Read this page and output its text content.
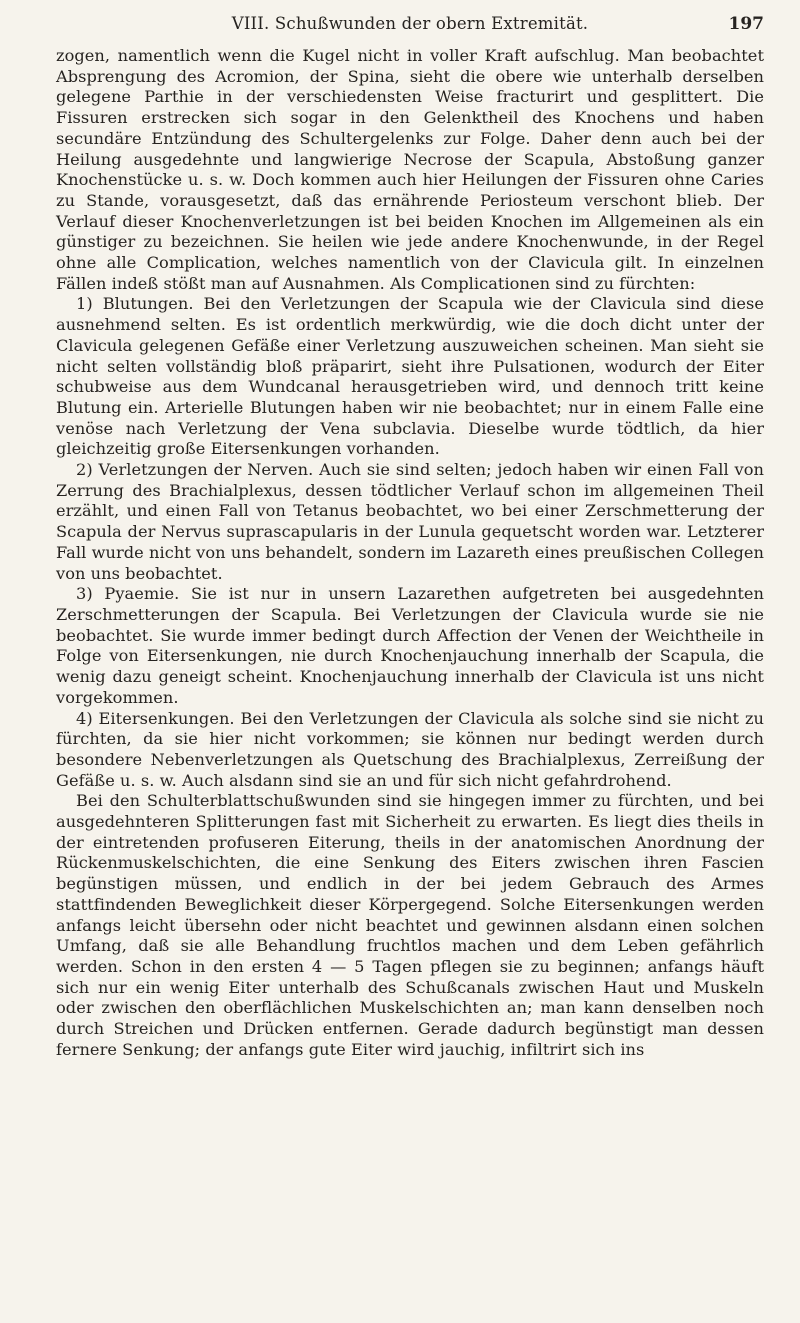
VIII. Schußwunden der obern Extremität.	197

zogen, namentlich wenn die Kugel nicht in voller Kraft aufschlug. Man beobachtet Absprengung des Acromion, der Spina, sieht die obere wie unterhalb derselben gelegene Parthie in der verschiedensten Weise fracturirt und gesplittert. Die Fissuren erstrecken sich sogar in den Gelenktheil des Knochens und haben secundäre Entzündung des Schultergelenks zur Folge. Daher denn auch bei der Heilung ausgedehnte und langwierige Necrose der Scapula, Abstoßung ganzer Knochenstücke u. s. w. Doch kommen auch hier Heilungen der Fissuren ohne Caries zu Stande, vorausgesetzt, daß das ernährende Periosteum verschont blieb. Der Verlauf dieser Knochenverletzungen ist bei beiden Knochen im Allgemeinen als ein günstiger zu bezeichnen. Sie heilen wie jede andere Knochenwunde, in der Regel ohne alle Complication, welches namentlich von der Clavicula gilt. In einzelnen Fällen indeß stößt man auf Ausnahmen. Als Complicationen sind zu fürchten:

1) Blutungen. Bei den Verletzungen der Scapula wie der Clavicula sind diese ausnehmend selten. Es ist ordentlich merkwürdig, wie die doch dicht unter der Clavicula gelegenen Gefäße einer Verletzung auszuweichen scheinen. Man sieht sie nicht selten vollständig bloß präparirt, sieht ihre Pulsationen, wodurch der Eiter schubweise aus dem Wundcanal herausgetrieben wird, und dennoch tritt keine Blutung ein. Arterielle Blutungen haben wir nie beobachtet; nur in einem Falle eine venöse nach Verletzung der Vena subclavia. Dieselbe wurde tödtlich, da hier gleichzeitig große Eitersenkungen vorhanden.

2) Verletzungen der Nerven. Auch sie sind selten; jedoch haben wir einen Fall von Zerrung des Brachialplexus, dessen tödtlicher Verlauf schon im allgemeinen Theil erzählt, und einen Fall von Tetanus beobachtet, wo bei einer Zerschmetterung der Scapula der Nervus suprascapularis in der Lunula gequetscht worden war. Letzterer Fall wurde nicht von uns behandelt, sondern im Lazareth eines preußischen Collegen von uns beobachtet.

3) Pyaemie. Sie ist nur in unsern Lazarethen aufgetreten bei ausgedehnten Zerschmetterungen der Scapula. Bei Verletzungen der Clavicula wurde sie nie beobachtet. Sie wurde immer bedingt durch Affection der Venen der Weichtheile in Folge von Eitersenkungen, nie durch Knochenjauchung innerhalb der Scapula, die wenig dazu geneigt scheint. Knochenjauchung innerhalb der Clavicula ist uns nicht vorgekommen.

4) Eitersenkungen. Bei den Verletzungen der Clavicula als solche sind sie nicht zu fürchten, da sie hier nicht vorkommen; sie können nur bedingt werden durch besondere Nebenverletzungen als Quetschung des Brachialplexus, Zerreißung der Gefäße u. s. w. Auch alsdann sind sie an und für sich nicht gefahrdrohend.

Bei den Schulterblattschußwunden sind sie hingegen immer zu fürchten, und bei ausgedehnteren Splitterungen fast mit Sicherheit zu erwarten. Es liegt dies theils in der eintretenden profuseren Eiterung, theils in der anatomischen Anordnung der Rückenmuskelschichten, die eine Senkung des Eiters zwischen ihren Fascien begünstigen müssen, und endlich in der bei jedem Gebrauch des Armes stattfindenden Beweglichkeit dieser Körpergegend. Solche Eitersenkungen werden anfangs leicht übersehn oder nicht beachtet und gewinnen alsdann einen solchen Umfang, daß sie alle Behandlung fruchtlos machen und dem Leben gefährlich werden. Schon in den ersten 4 — 5 Tagen pflegen sie zu beginnen; anfangs häuft sich nur ein wenig Eiter unterhalb des Schußcanals zwischen Haut und Muskeln oder zwischen den oberflächlichen Muskelschichten an; man kann denselben noch durch Streichen und Drücken entfernen. Gerade dadurch begünstigt man dessen fernere Senkung; der anfangs gute Eiter wird jauchig, infiltrirt sich ins
